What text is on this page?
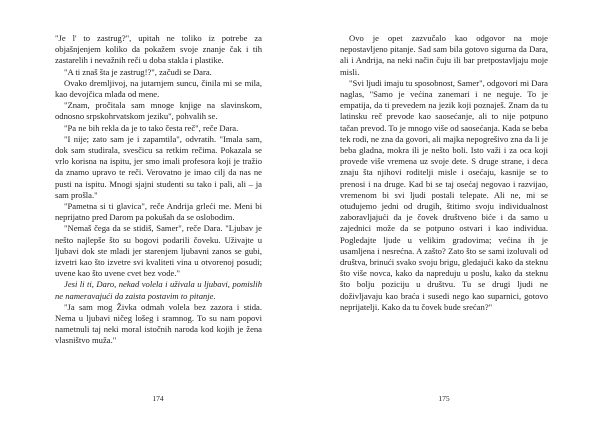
"Je l' to zastrug?", upitah ne toliko iz potrebe za objašnjenjem koliko da pokažem svoje znanje čak i tih zastarelih i nevažnih reči u doba stakla i plastike.

"A ti znaš šta je zastrug!?", začudi se Dara.

Ovako dremljivoj, na jutarnjem suncu, činila mi se mila, kao devojčica mlađa od mene.

"Znam, pročitala sam mnoge knjige na slavinskom, odnosno srpskohrvatskom jeziku", pohvalih se.

"Pa ne bih rekla da je to tako česta reč", reče Dara.

"I nije; zato sam je i zapamtila", odvratih. "Imala sam, dok sam studirala, svesčicu sa retkim rečima. Pokazala se vrlo korisna na ispitu, jer smo imali profesora koji je tražio da znamo upravo te reči. Verovatno je imao cilj da nas ne pusti na ispitu. Mnogi sjajni studenti su tako i pali, ali – ja sam prošla."

"Pametna si ti glavica", reče Andrija grleći me. Meni bi neprijatno pred Darom pa pokušah da se oslobodim.

"Nemaš čega da se stidiš, Samer", reče Dara. "Ljubav je nešto najlepše što su bogovi podarili čoveku. Uživajte u ljubavi dok ste mladi jer starenjem ljubavni zanos se gubi, izvetri kao što izvetre svi kvaliteti vina u otvorenoj posudi; uvene kao što uvene cvet bez vode."

Jesi li ti, Daro, nekad volela i uživala u ljubavi, pomislih ne nameravajući da zaista postavim to pitanje.

"Ja sam mog Živka odmah volela bez zazora i stida. Nema u ljubavi ničeg lošeg i sramnog. To su nam popovi nametnuli taj neki moral istočnih naroda kod kojih je žena vlasništvo muža."

174

Ovo je opet zazvučalo kao odgovor na moje nepostavljeno pitanje. Sad sam bila gotovo sigurna da Dara, ali i Andrija, na neki način čuju ili bar pretpostavljaju moje misli.

"Svi ljudi imaju tu sposobnost, Samer", odgovori mi Dara naglas, "Samo je većina zanemari i ne neguje. To je empatija, da ti prevedem na jezik koji poznaješ. Znam da tu latinsku reč prevode kao saosećanje, ali to nije potpuno tačan prevod. To je mnogo više od saosećanja. Kada se beba tek rodi, ne zna da govori, ali majka nepogrešivo zna da li je beba gladna, mokra ili je nešto boli. Isto važi i za oca koji provede više vremena uz svoje dete. S druge strane, i deca znaju šta njihovi roditelji misle i osećaju, kasnije se to prenosi i na druge. Kad bi se taj osećaj negovao i razvijao, vremenom bi svi ljudi postali telepate. Ali ne, mi se otuđujemo jedni od drugih, štitimo svoju individualnost zaboravljajući da je čovek društveno biće i da samo u zajednici može da se potpuno ostvari i kao individua. Pogledajte ljude u velikim gradovima; većina ih je usamljena i nesrećna. A zašto? Zato što se sami izoluvali od društva, brinući svako svoju brigu, gledajući kako da steknu što više novca, kako da napreduju u poslu, kako da steknu što bolju poziciju u društvu. Tu se drugi ljudi ne doživljavaju kao braća i susedi nego kao suparnici, gotovo neprijatelji. Kako da tu čovek bude srećan?"

175
